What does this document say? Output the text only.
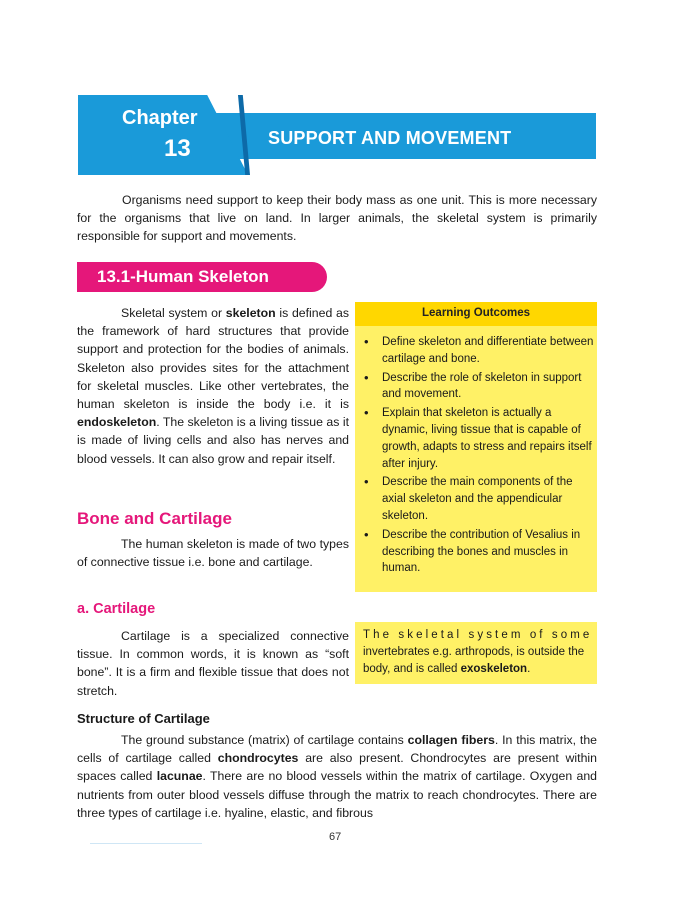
Chapter
13	SUPPORT AND MOVEMENT

Organisms need support to keep their body mass as one unit. This is more necessary for the organisms that live on land. In larger animals, the skeletal system is primarily responsible for support and movements.

13.1-Human Skeleton

Skeletal system or skeleton is defined as the framework of hard structures that provide support and protection for the bodies of animals. Skeleton also provides sites for the attachment for skeletal muscles. Like other vertebrates, the human skeleton is inside the body i.e. it is endoskeleton. The skeleton is a living tissue as it is made of living cells and also has nerves and blood vessels. It can also grow and repair itself.

Learning Outcomes
• Define skeleton and differentiate between cartilage and bone.
• Describe the role of skeleton in support and movement.
• Explain that skeleton is actually a dynamic, living tissue that is capable of growth, adapts to stress and repairs itself after injury.
• Describe the main components of the axial skeleton and the appendicular skeleton.
• Describe the contribution of Vesalius in describing the bones and muscles in human.
Bone and Cartilage

The human skeleton is made of two types of connective tissue i.e. bone and cartilage.

a. Cartilage

Cartilage is a specialized connective tissue. In common words, it is known as “soft bone”. It is a firm and flexible tissue that does not stretch.

The skeletal system of some
invertebrates e.g. arthropods, is outside the body, and is called exoskeleton.
Structure of Cartilage

The ground substance (matrix) of cartilage contains collagen fibers. In this matrix, the cells of cartilage called chondrocytes are also present. Chondrocytes are present within spaces called lacunae. There are no blood vessels within the matrix of cartilage. Oxygen and nutrients from outer blood vessels diffuse through the matrix to reach chondrocytes. There are three types of cartilage i.e. hyaline, elastic, and fibrous

67
